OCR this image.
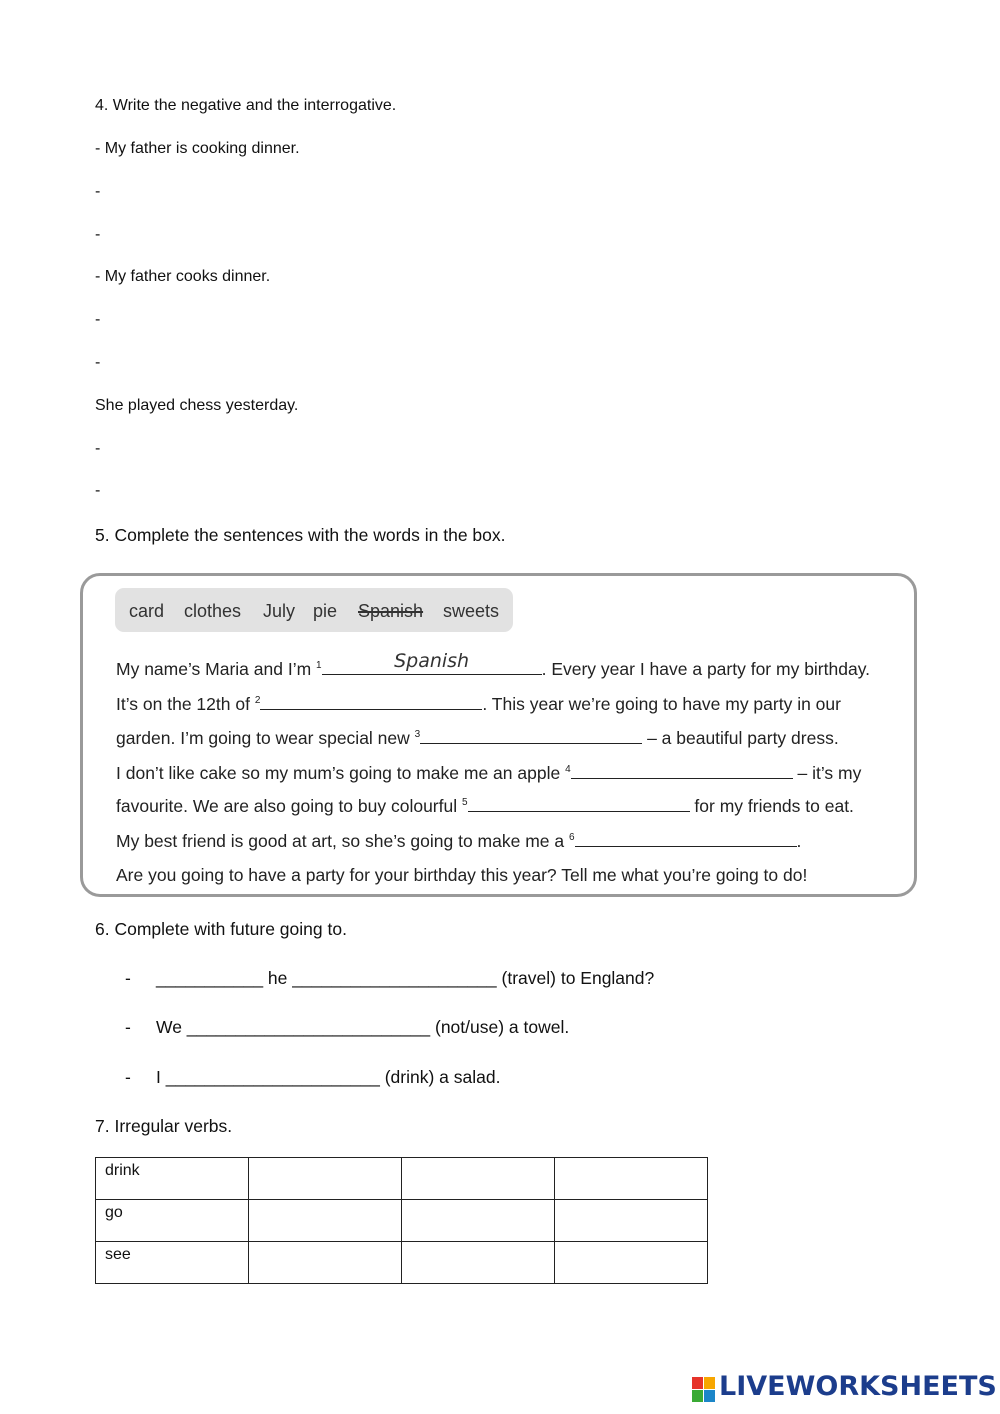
4. Write the negative and the interrogative.
- My father is cooking dinner.
-
-
- My father cooks dinner.
-
-
She played chess yesterday.
-
-
5. Complete the sentences with the words in the box.
card clothes July pie Spanish sweets
My name’s Maria and I’m $^1$	Spanish	. Every year I have a party for my birthday.
It’s on the 12th of $^2$	. This year we’re going to have my party in our
garden. I’m going to wear special new $^3$	– a beautiful party dress.
I don’t like cake so my mum’s going to make me an apple $^4$	– it’s my
favourite. We are also going to buy colourful $^5$	for my friends to eat.
My best friend is good at art, so she’s going to make me a $^6$	.
Are you going to have a party for your birthday this year? Tell me what you’re going to do!
6. Complete with future going to.
- ___________ he _____________________ (travel) to England?
- We _________________________ (not/use) a towel.
- I ______________________ (drink) a salad.
7. Irregular verbs.
drink			
go			
see			
LIVEWORKSHEETS
